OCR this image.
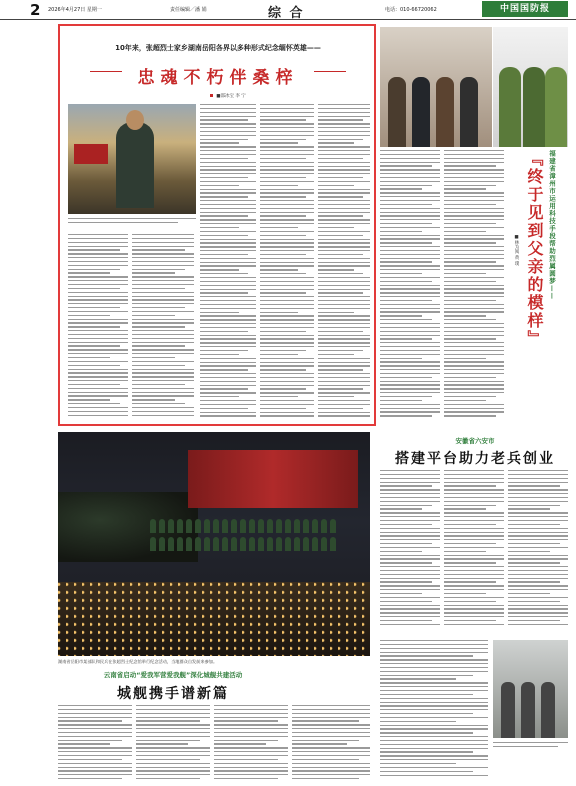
2 2026年4月27日 星期一	责任编辑／潘 娟	综 合	电话：010-66720062	中国国防报
10年来，张超烈士家乡湖南岳阳各界以多种形式纪念缅怀英雄——
忠魂不朽伴桑梓
■邵冰宝 李 宁
福建省漳州市运用科技手段帮助烈属圆梦——
『终于见到父亲的模样』
■林为阅 黄 璞
安徽省六安市
搭建平台助力老兵创业
湖南省岳阳市某部队和民兵在张超烈士纪念馆举行纪念活动，当地群众自发前来参加。
云南省启动“爱我军营爱我舰”深化城舰共建活动
城舰携手谱新篇
